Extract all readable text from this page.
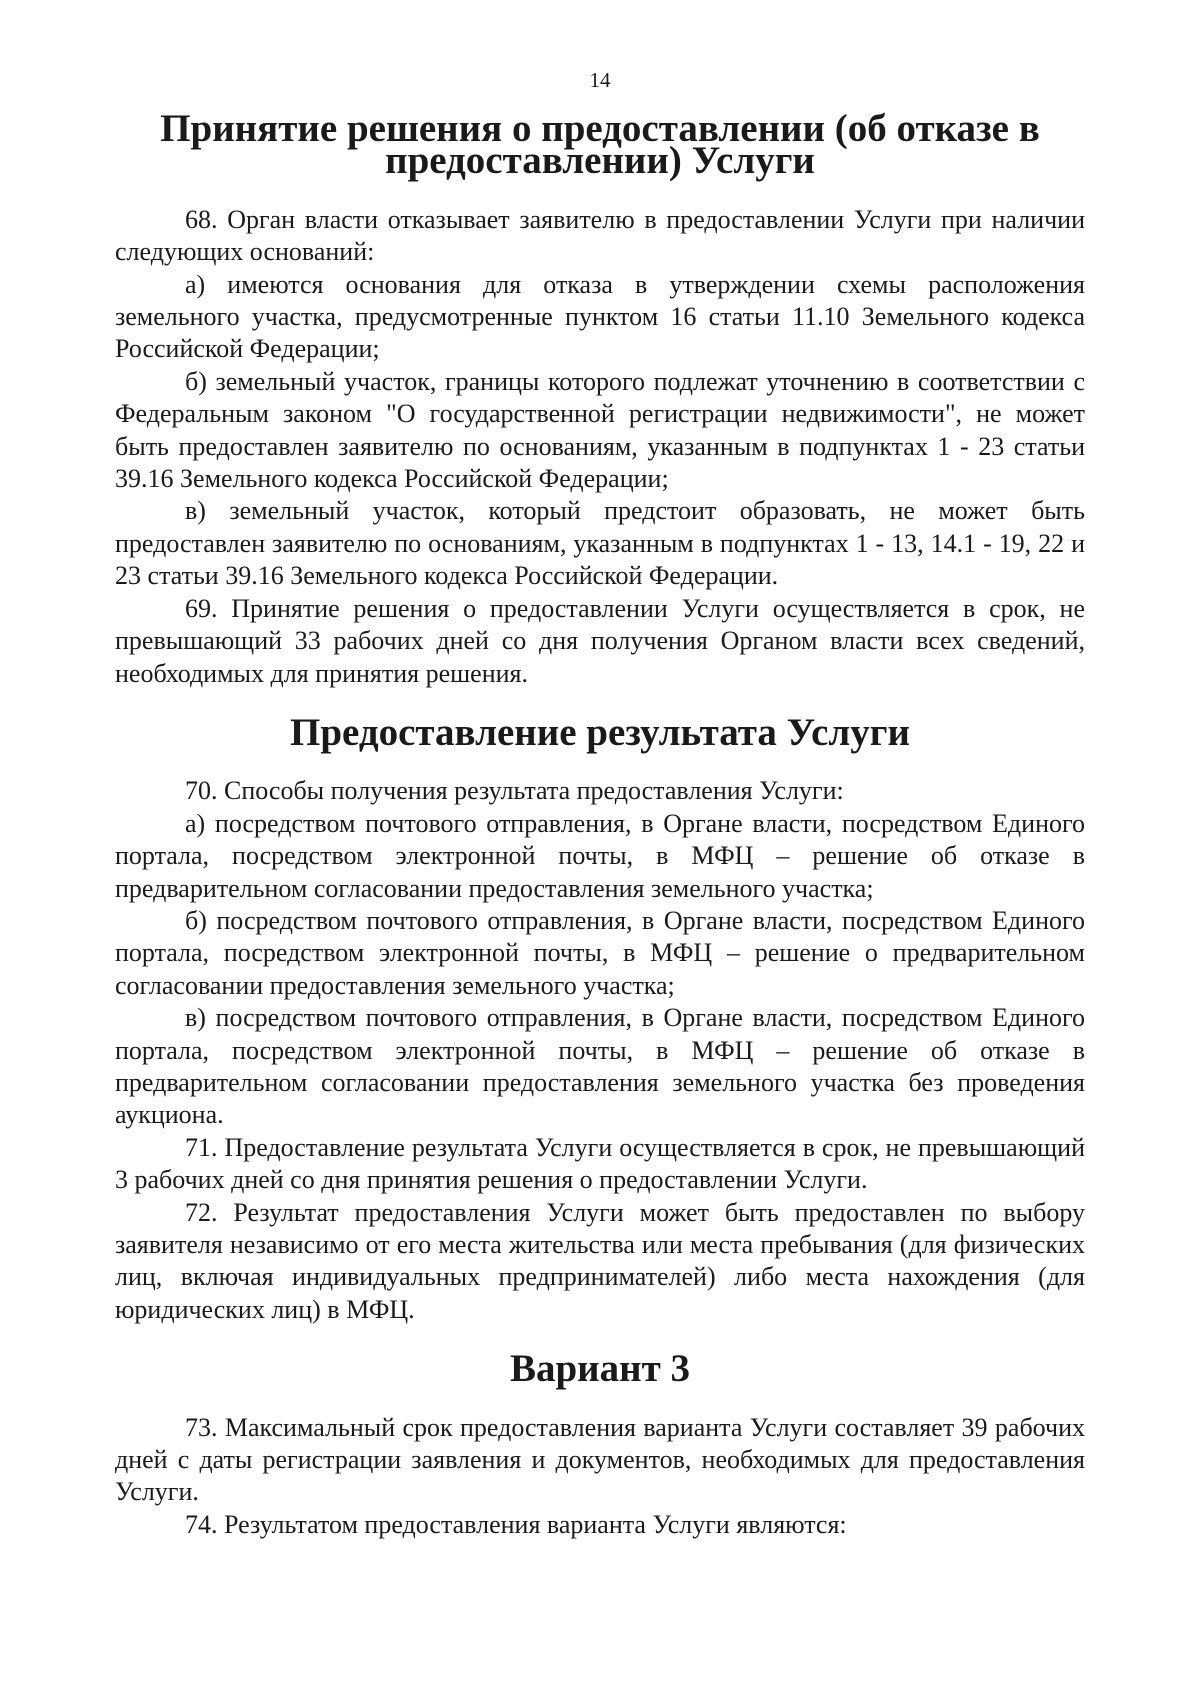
14
Принятие решения о предоставлении (об отказе в предоставлении) Услуги

68. Орган власти отказывает заявителю в предоставлении Услуги при наличии следующих оснований:

а) имеются основания для отказа в утверждении схемы расположения земельного участка, предусмотренные пунктом 16 статьи 11.10 Земельного кодекса Российской Федерации;

б) земельный участок, границы которого подлежат уточнению в соответствии с Федеральным законом "О государственной регистрации недвижимости", не может быть предоставлен заявителю по основаниям, указанным в подпунктах 1 - 23 статьи 39.16 Земельного кодекса Российской Федерации;

в) земельный участок, который предстоит образовать, не может быть предоставлен заявителю по основаниям, указанным в подпунктах 1 - 13, 14.1 - 19, 22 и 23 статьи 39.16 Земельного кодекса Российской Федерации.

69. Принятие решения о предоставлении Услуги осуществляется в срок, не превышающий 33 рабочих дней со дня получения Органом власти всех сведений, необходимых для принятия решения.

Предоставление результата Услуги

70. Способы получения результата предоставления Услуги:

а) посредством почтового отправления, в Органе власти, посредством Единого портала, посредством электронной почты, в МФЦ – решение об отказе в предварительном согласовании предоставления земельного участка;

б) посредством почтового отправления, в Органе власти, посредством Единого портала, посредством электронной почты, в МФЦ – решение о предварительном согласовании предоставления земельного участка;

в) посредством почтового отправления, в Органе власти, посредством Единого портала, посредством электронной почты, в МФЦ – решение об отказе в предварительном согласовании предоставления земельного участка без проведения аукциона.

71. Предоставление результата Услуги осуществляется в срок, не превышающий 3 рабочих дней со дня принятия решения о предоставлении Услуги.

72. Результат предоставления Услуги может быть предоставлен по выбору заявителя независимо от его места жительства или места пребывания (для физических лиц, включая индивидуальных предпринимателей) либо места нахождения (для юридических лиц) в МФЦ.

Вариант 3

73. Максимальный срок предоставления варианта Услуги составляет 39 рабочих дней с даты регистрации заявления и документов, необходимых для предоставления Услуги.

74. Результатом предоставления варианта Услуги являются:
